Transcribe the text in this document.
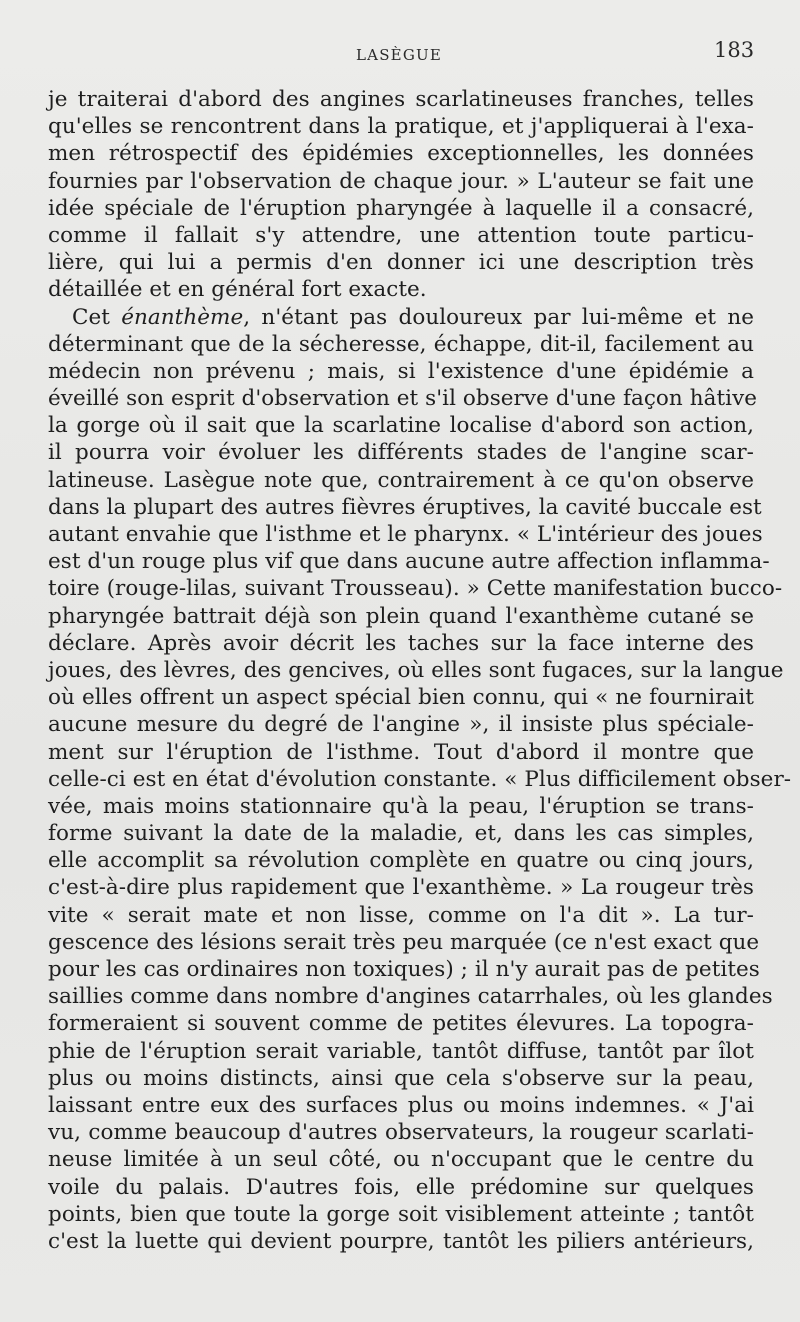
LASÈGUE	183
je traiterai d'abord des angines scarlatineuses franches, telles
qu'elles se rencontrent dans la pratique, et j'appliquerai à l'exa-
men rétrospectif des épidémies exceptionnelles, les données
fournies par l'observation de chaque jour. » L'auteur se fait une
idée spéciale de l'éruption pharyngée à laquelle il a consacré,
comme il fallait s'y attendre, une attention toute particu-
lière, qui lui a permis d'en donner ici une description très
détaillée et en général fort exacte.
Cet énanthème, n'étant pas douloureux par lui-même et ne
déterminant que de la sécheresse, échappe, dit-il, facilement au
médecin non prévenu ; mais, si l'existence d'une épidémie a
éveillé son esprit d'observation et s'il observe d'une façon hâtive
la gorge où il sait que la scarlatine localise d'abord son action,
il pourra voir évoluer les différents stades de l'angine scar-
latineuse. Lasègue note que, contrairement à ce qu'on observe
dans la plupart des autres fièvres éruptives, la cavité buccale est
autant envahie que l'isthme et le pharynx. « L'intérieur des joues
est d'un rouge plus vif que dans aucune autre affection inflamma-
toire (rouge-lilas, suivant Trousseau). » Cette manifestation bucco-
pharyngée battrait déjà son plein quand l'exanthème cutané se
déclare. Après avoir décrit les taches sur la face interne des
joues, des lèvres, des gencives, où elles sont fugaces, sur la langue
où elles offrent un aspect spécial bien connu, qui « ne fournirait
aucune mesure du degré de l'angine », il insiste plus spéciale-
ment sur l'éruption de l'isthme. Tout d'abord il montre que
celle-ci est en état d'évolution constante. « Plus difficilement obser-
vée, mais moins stationnaire qu'à la peau, l'éruption se trans-
forme suivant la date de la maladie, et, dans les cas simples,
elle accomplit sa révolution complète en quatre ou cinq jours,
c'est-à-dire plus rapidement que l'exanthème. » La rougeur très
vite « serait mate et non lisse, comme on l'a dit ». La tur-
gescence des lésions serait très peu marquée (ce n'est exact que
pour les cas ordinaires non toxiques) ; il n'y aurait pas de petites
saillies comme dans nombre d'angines catarrhales, où les glandes
formeraient si souvent comme de petites élevures. La topogra-
phie de l'éruption serait variable, tantôt diffuse, tantôt par îlot
plus ou moins distincts, ainsi que cela s'observe sur la peau,
laissant entre eux des surfaces plus ou moins indemnes. « J'ai
vu, comme beaucoup d'autres observateurs, la rougeur scarlati-
neuse limitée à un seul côté, ou n'occupant que le centre du
voile du palais. D'autres fois, elle prédomine sur quelques
points, bien que toute la gorge soit visiblement atteinte ; tantôt
c'est la luette qui devient pourpre, tantôt les piliers antérieurs,
